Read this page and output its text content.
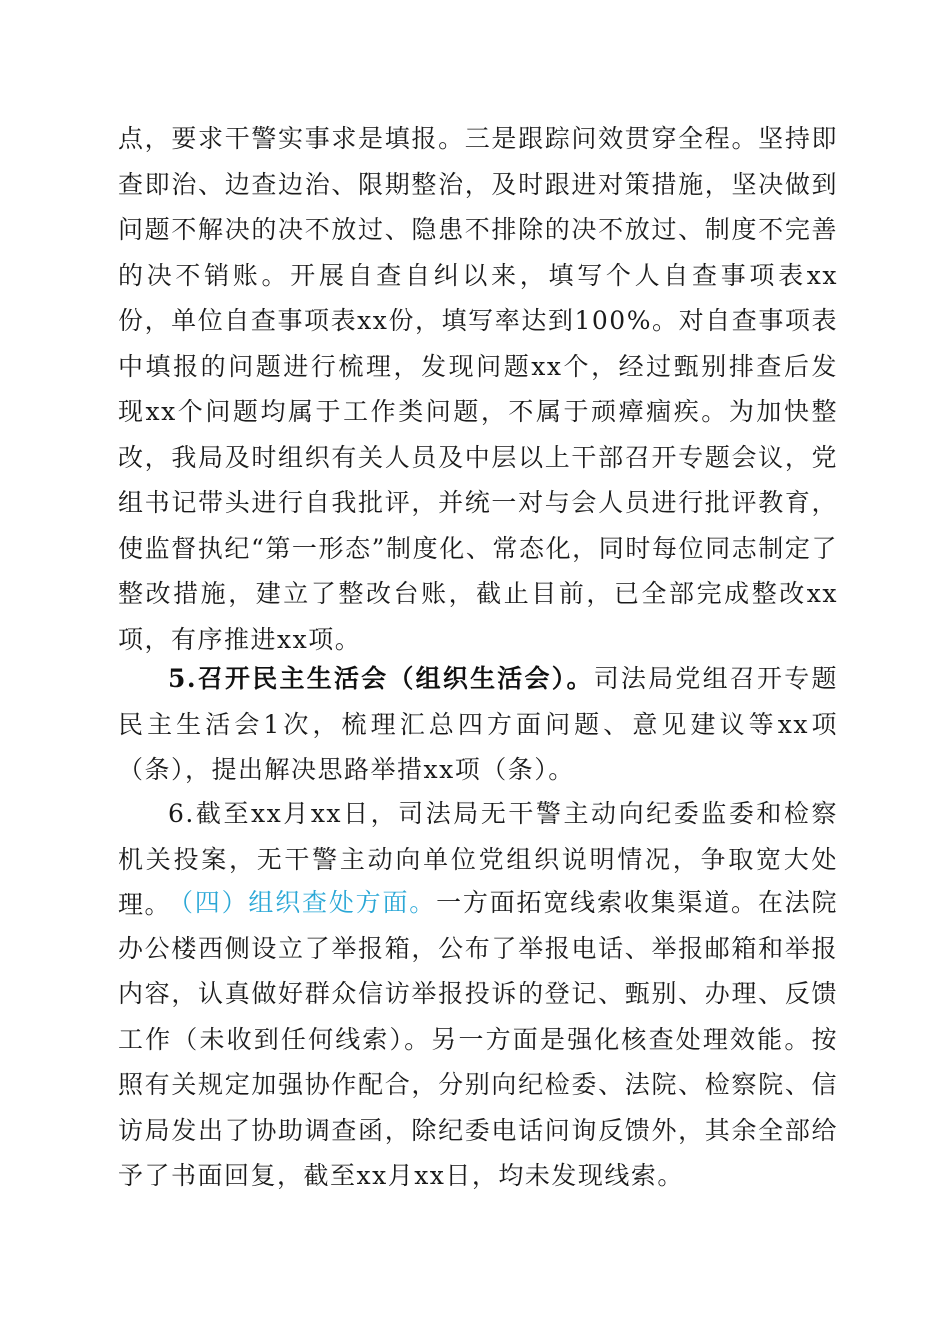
点，要求干警实事求是填报。三是跟踪问效贯穿全程。坚持即查即治、边查边治、限期整治，及时跟进对策措施，坚决做到问题不解决的决不放过、隐患不排除的决不放过、制度不完善的决不销账。开展自查自纠以来，填写个人自查事项表xx份，单位自查事项表xx份，填写率达到100%。对自查事项表中填报的问题进行梳理，发现问题xx个，经过甄别排查后发现xx个问题均属于工作类问题，不属于顽瘴痼疾。为加快整改，我局及时组织有关人员及中层以上干部召开专题会议，党组书记带头进行自我批评，并统一对与会人员进行批评教育，使监督执纪“第一形态”制度化、常态化，同时每位同志制定了整改措施，建立了整改台账，截止目前，已全部完成整改xx项，有序推进xx项。

5.召开民主生活会（组织生活会）。司法局党组召开专题民主生活会1次，梳理汇总四方面问题、意见建议等xx项（条），提出解决思路举措xx项（条）。

6.截至xx月xx日，司法局无干警主动向纪委监委和检察机关投案，无干警主动向单位党组织说明情况，争取宽大处理。

（四）组织查处方面。一方面拓宽线索收集渠道。在法院办公楼西侧设立了举报箱，公布了举报电话、举报邮箱和举报内容，认真做好群众信访举报投诉的登记、甄别、办理、反馈工作（未收到任何线索）。另一方面是强化核查处理效能。按照有关规定加强协作配合，分别向纪检委、法院、检察院、信访局发出了协助调查函，除纪委电话问询反馈外，其余全部给予了书面回复，截至xx月xx日，均未发现线索。
